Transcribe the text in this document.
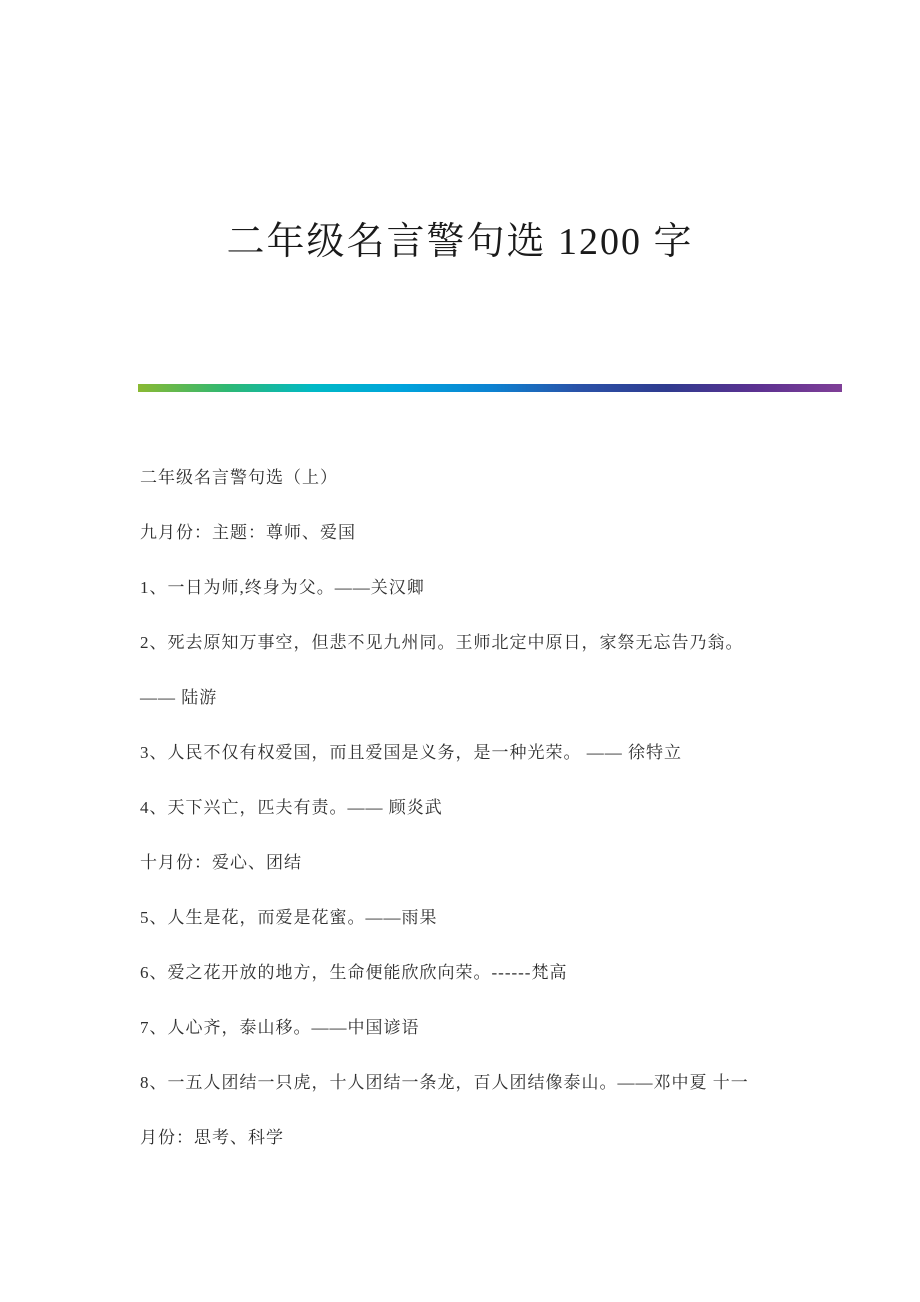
二年级名言警句选 1200 字
二年级名言警句选（上）
九月份：主题：尊师、爱国
1、一日为师,终身为父。——关汉卿
2、死去原知万事空，但悲不见九州同。王师北定中原日，家祭无忘告乃翁。
—— 陆游
3、人民不仅有权爱国，而且爱国是义务，是一种光荣。 —— 徐特立
4、天下兴亡，匹夫有责。—— 顾炎武
十月份：爱心、团结
5、人生是花，而爱是花蜜。——雨果
6、爱之花开放的地方，生命便能欣欣向荣。------梵高
7、人心齐，泰山移。——中国谚语
8、一五人团结一只虎，十人团结一条龙，百人团结像泰山。——邓中夏 十一
月份：思考、科学
